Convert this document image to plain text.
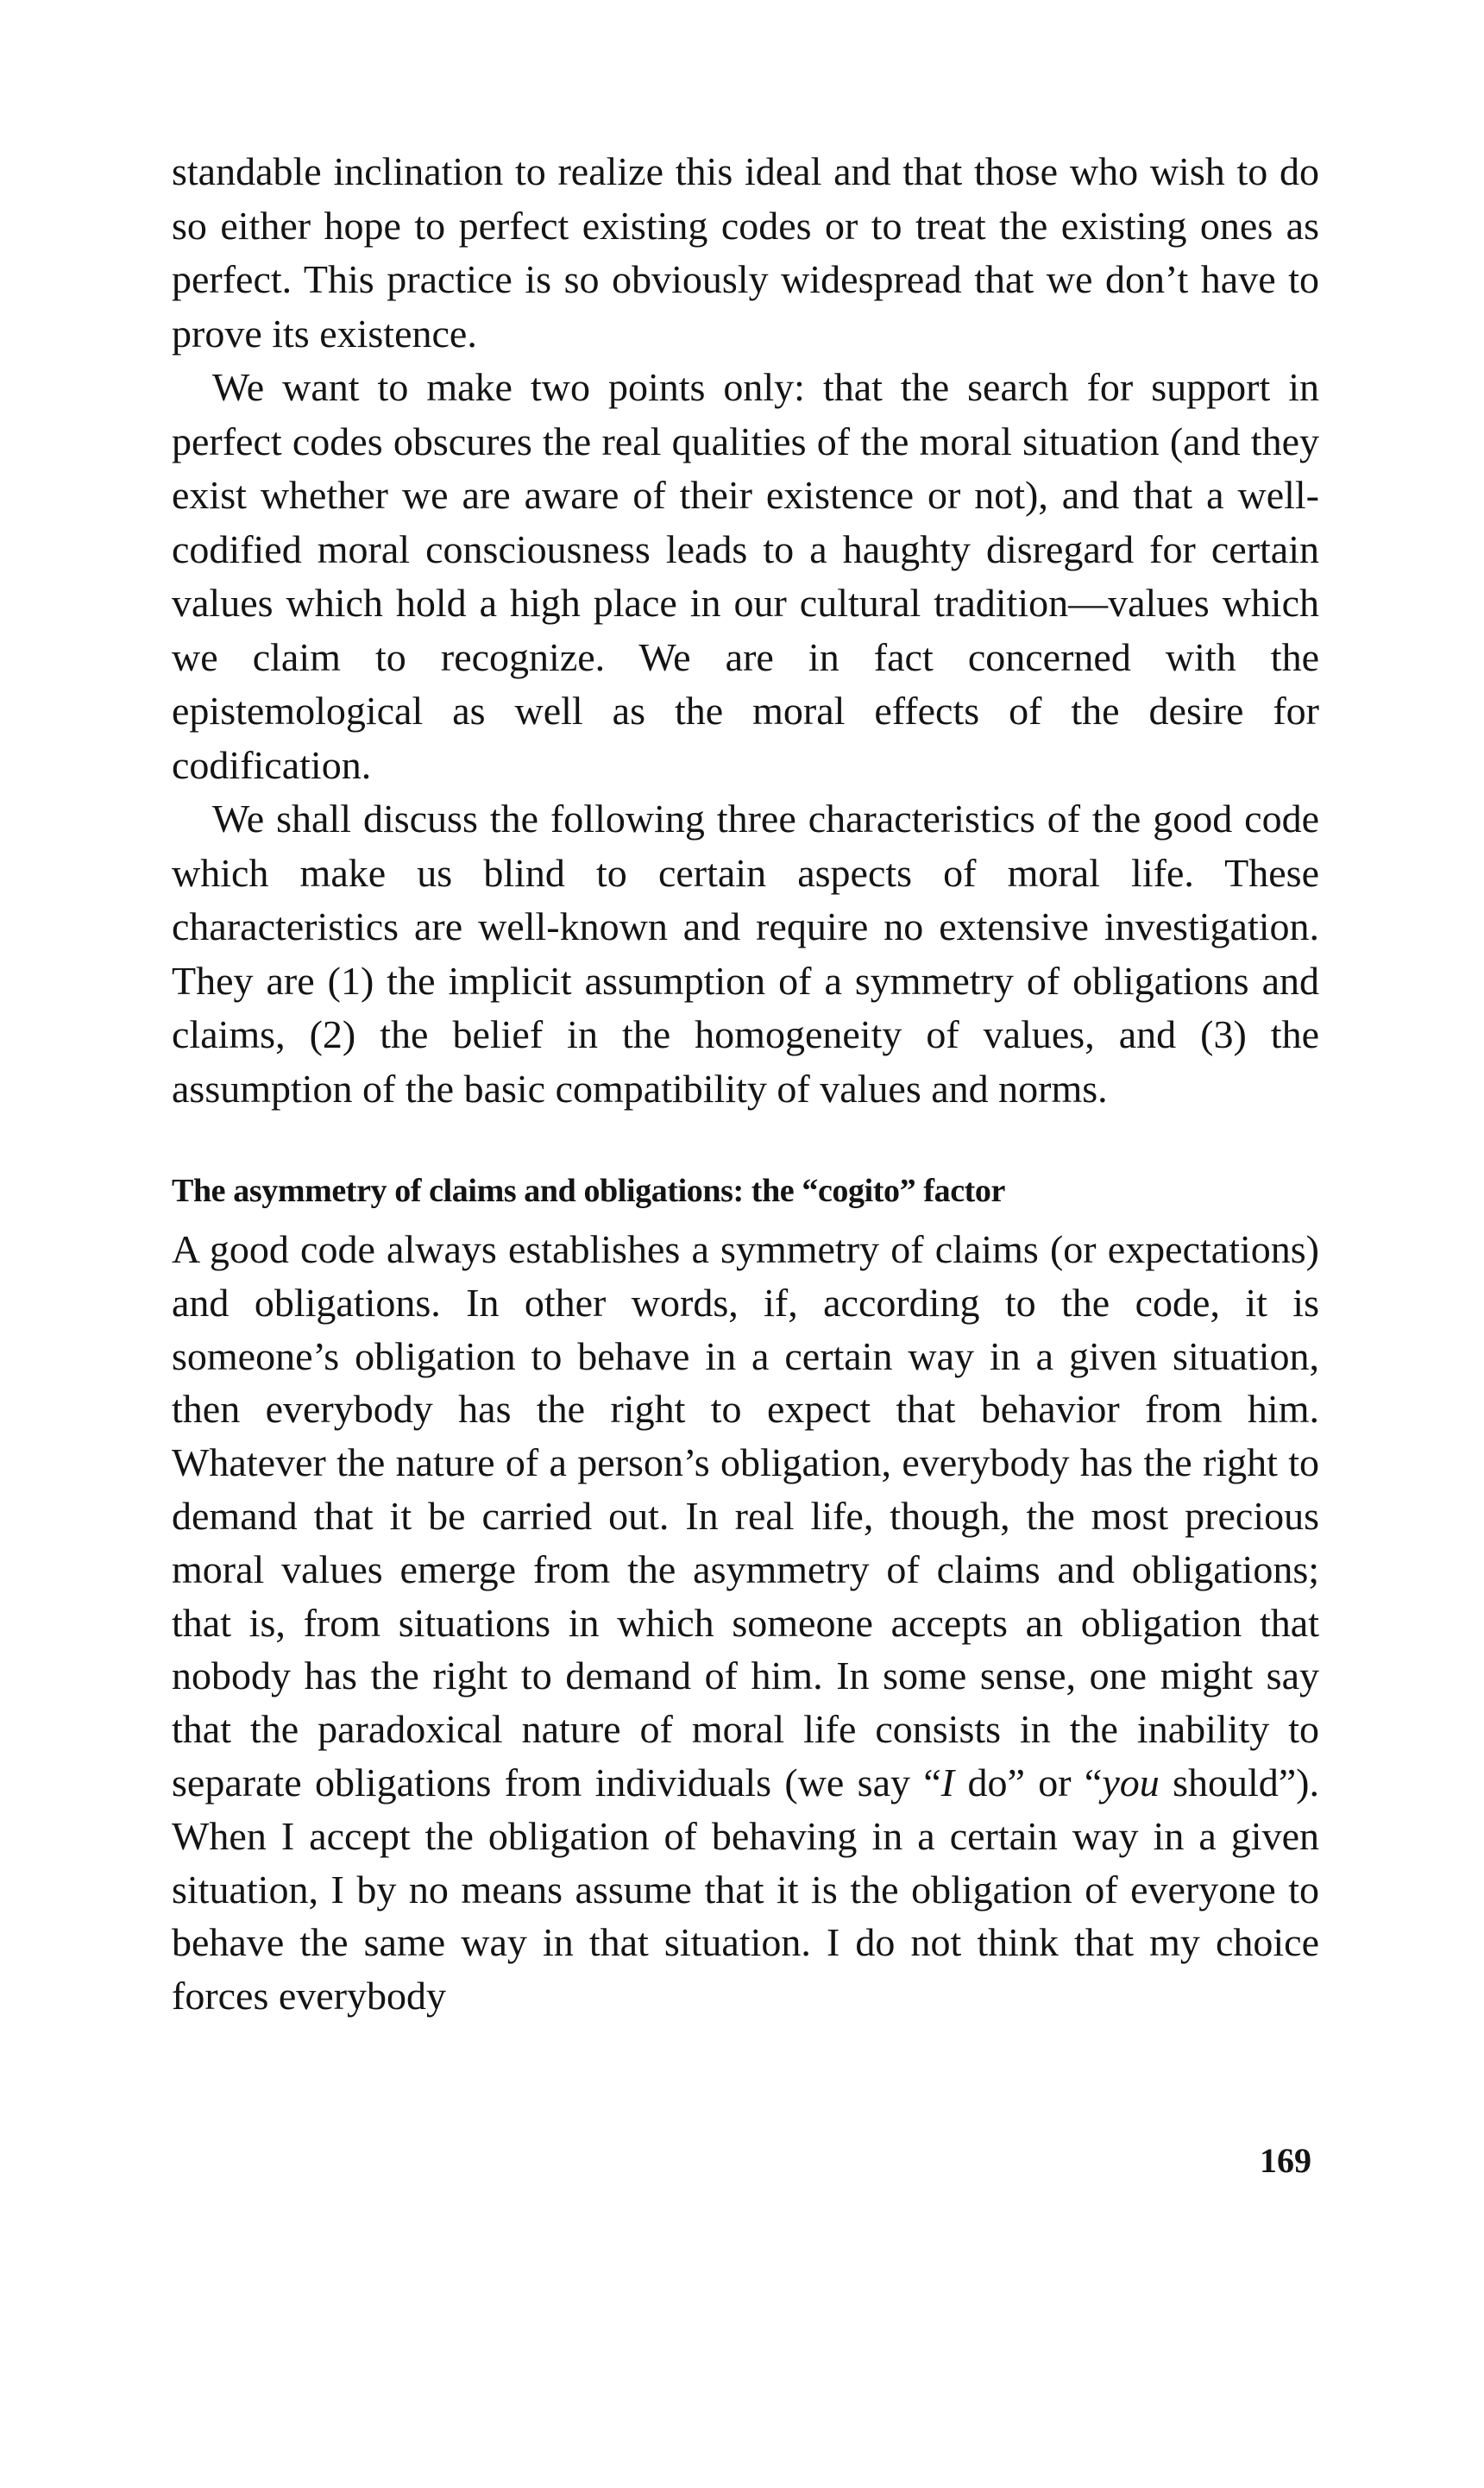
standable inclination to realize this ideal and that those who wish to do so either hope to perfect existing codes or to treat the existing ones as perfect. This practice is so obviously widespread that we don’t have to prove its existence.

We want to make two points only: that the search for support in perfect codes obscures the real qualities of the moral situation (and they exist whether we are aware of their existence or not), and that a well-codified moral consciousness leads to a haughty disregard for certain values which hold a high place in our cultural tradition—values which we claim to recognize. We are in fact concerned with the epistemological as well as the moral effects of the desire for codification.

We shall discuss the following three characteristics of the good code which make us blind to certain aspects of moral life. These characteristics are well-known and require no extensive investigation. They are (1) the implicit assumption of a symmetry of obligations and claims, (2) the belief in the homogeneity of values, and (3) the assumption of the basic compatibility of values and norms.

The asymmetry of claims and obligations: the “cogito” factor

A good code always establishes a symmetry of claims (or expectations) and obligations. In other words, if, according to the code, it is someone’s obligation to behave in a certain way in a given situation, then everybody has the right to expect that behavior from him. Whatever the nature of a person’s obligation, everybody has the right to demand that it be carried out. In real life, though, the most precious moral values emerge from the asymmetry of claims and obligations; that is, from situations in which someone accepts an obligation that nobody has the right to demand of him. In some sense, one might say that the paradoxical nature of moral life consists in the inability to separate obligations from individuals (we say “I do” or “you should”). When I accept the obligation of behaving in a certain way in a given situation, I by no means assume that it is the obligation of everyone to behave the same way in that situation. I do not think that my choice forces everybody

169
